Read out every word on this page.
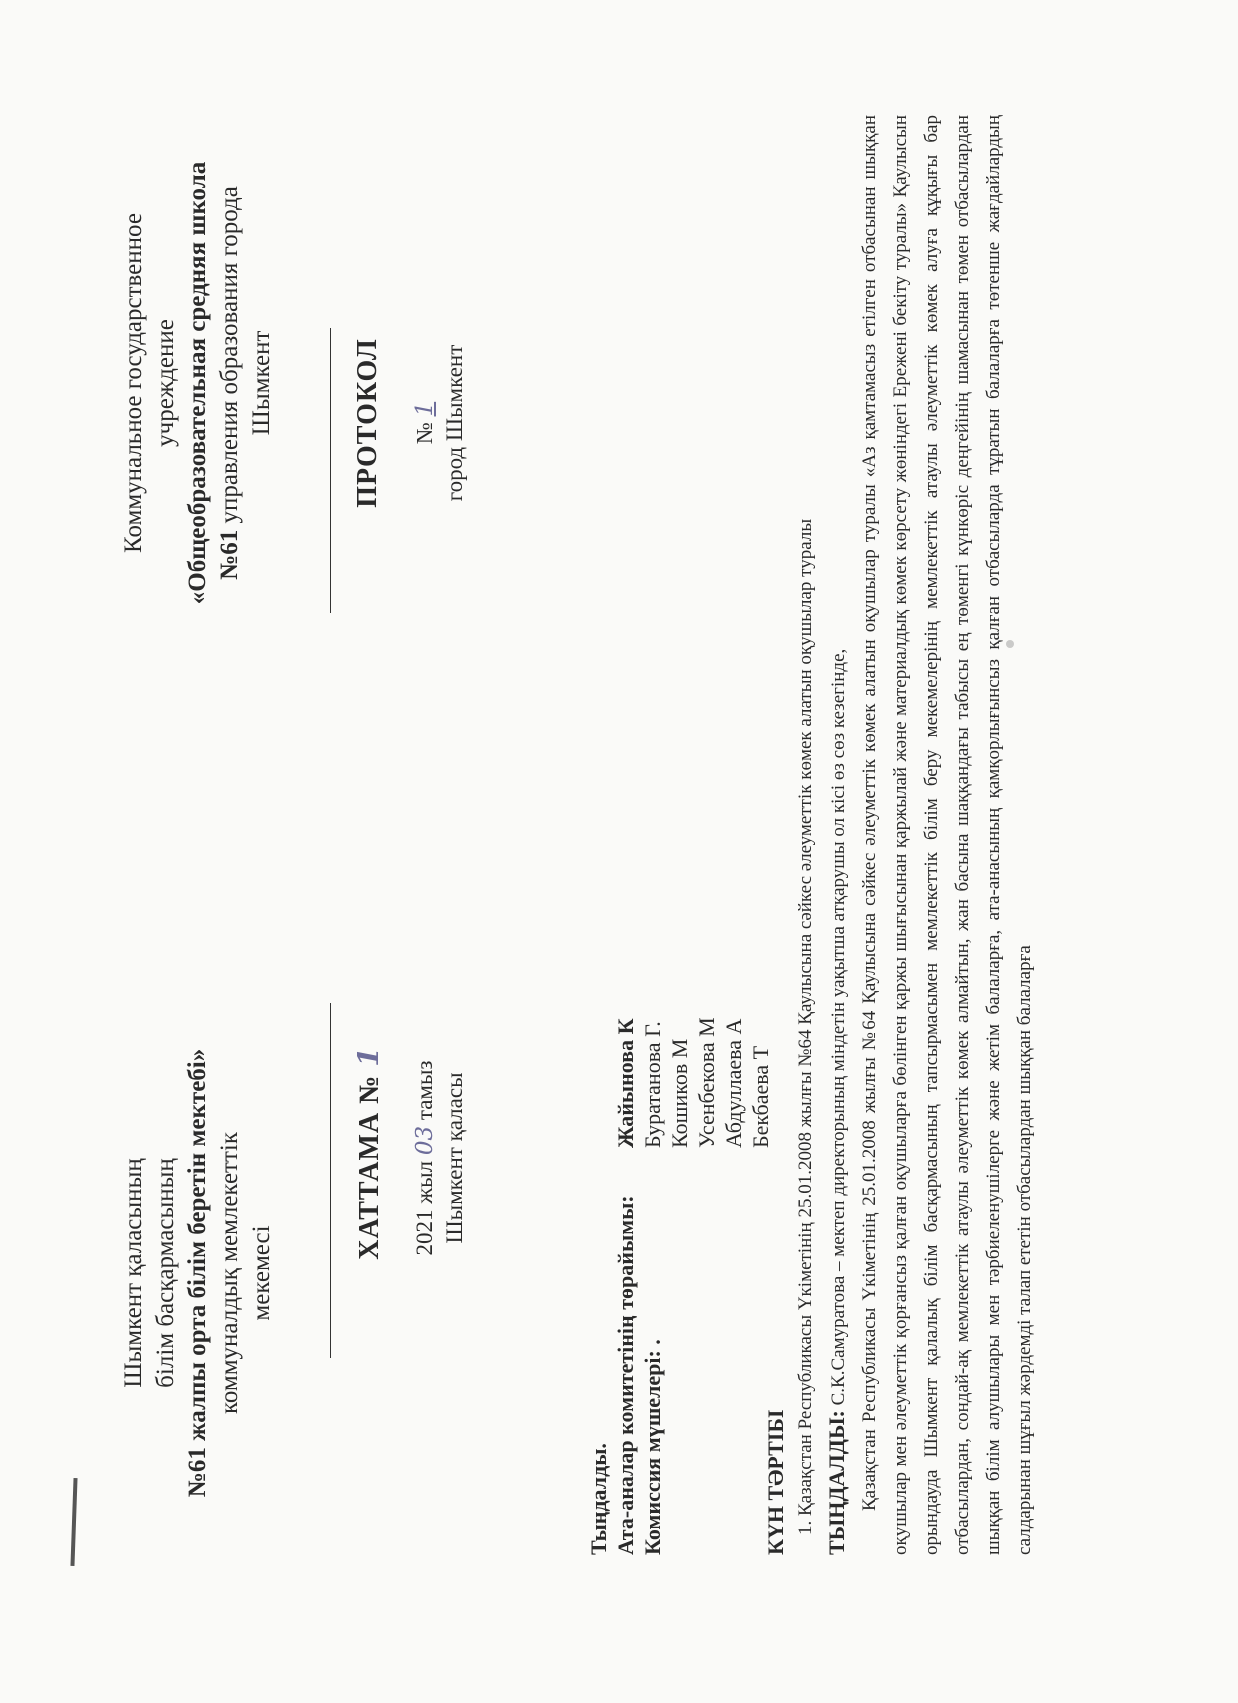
Шымкент қаласының білім басқармасының №61 жалпы орта білім беретін мектебі» коммуналдық мемлекеттік мекемесі
Коммунальное государственное учреждение «Общеобразовательная средняя школа №61 управления образования города Шымкент
ХАТТАМА № 1
2021 жыл 03 тамыз Шымкент қаласы
ПРОТОКОЛ № 1 город Шымкент
Тыңдалды. Ата-аналар комитетінің төрайымы: Комиссия мүшелері: .
Жайынова К Буратанова Г. Кошиков М Усенбекова М Абдуллаева А Бекбаева Т
КҮН ТӘРТІБІ 1. Қазақстан Республикасы Үкіметінің 25.01.2008 жылғы №64 Қаулысына сәйкес әлеуметтік көмек алатын оқушылар туралы ТЫҢДАЛДЫ: С.К.Самуратова – мектеп директорының міндетін уақытша атқарушы ол кісі өз сөз кезегінде, Қазақстан Республикасы Үкіметінің 25.01.2008 жылғы №64 Қаулысына сәйкес әлеуметтік көмек алатын оқушылар туралы «Аз қамтамасыз етілген отбасынан шыққан оқушылар мен әлеуметтік қорғансыз қалған оқушыларға бөлінген қаржы шығысынан қаржылай және материалдық көмек көрсету жөніндегі Ережені бекіту туралы» Қаулысын орындауда Шымкент қалалық білім басқармасының тапсырмасымен мемлекеттік білім беру мекемелерінің мемлекеттік атаулы әлеуметтік көмек алуға құқығы бар отбасылардан, сондай-ақ мемлекеттік атаулы әлеуметтік көмек алмайтын, жан басына шаққандағы табысы ең төменгі күнкөріс деңгейінің шамасынан төмен отбасылардан шыққан білім алушылары мен тәрбиеленушілерге және жетім балаларға, ата-анасының қамқорлығынсыз қалған отбасыларда тұратын балаларға төтенше жағдайлардың салдарынан шұғыл жәрдемді талап ететін отбасылардан шыққан балаларға
